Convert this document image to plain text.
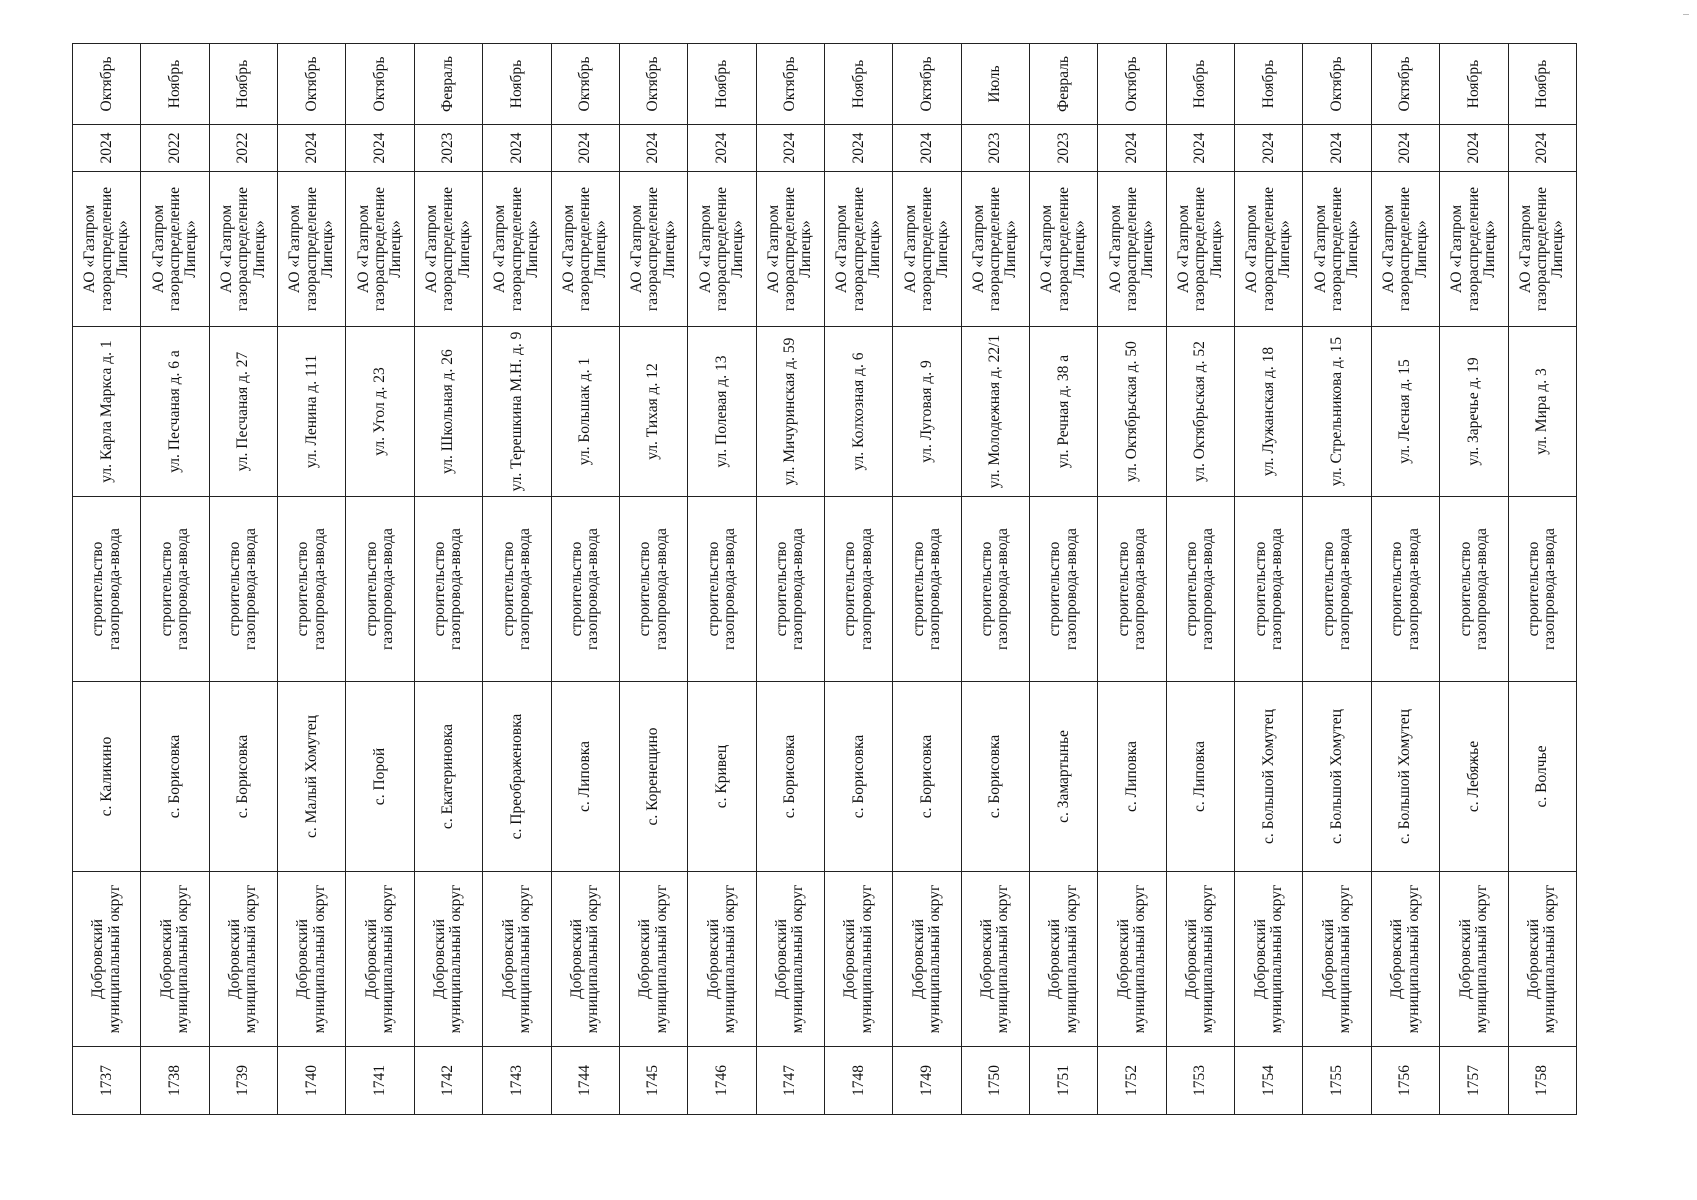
1737	Добровский муниципальный округ	с. Каликино	строительство газопровода-ввода	ул. Карла Маркса д. 1	АО «Газпром газораспределение Липецк»	2024	Октябрь
1738	Добровский муниципальный округ	с. Борисовка	строительство газопровода-ввода	ул. Песчаная д. 6 а	АО «Газпром газораспределение Липецк»	2022	Ноябрь
1739	Добровский муниципальный округ	с. Борисовка	строительство газопровода-ввода	ул. Песчаная д. 27	АО «Газпром газораспределение Липецк»	2022	Ноябрь
1740	Добровский муниципальный округ	с. Малый Хомутец	строительство газопровода-ввода	ул. Ленина д. 111	АО «Газпром газораспределение Липецк»	2024	Октябрь
1741	Добровский муниципальный округ	с. Порой	строительство газопровода-ввода	ул. Угол д. 23	АО «Газпром газораспределение Липецк»	2024	Октябрь
1742	Добровский муниципальный округ	с. Екатериновка	строительство газопровода-ввода	ул. Школьная д. 26	АО «Газпром газораспределение Липецк»	2023	Февраль
1743	Добровский муниципальный округ	с. Преображеновка	строительство газопровода-ввода	ул. Терешкина М.Н. д. 9	АО «Газпром газораспределение Липецк»	2024	Ноябрь
1744	Добровский муниципальный округ	с. Липовка	строительство газопровода-ввода	ул. Большак д. 1	АО «Газпром газораспределение Липецк»	2024	Октябрь
1745	Добровский муниципальный округ	с. Коренещино	строительство газопровода-ввода	ул. Тихая д. 12	АО «Газпром газораспределение Липецк»	2024	Октябрь
1746	Добровский муниципальный округ	с. Кривец	строительство газопровода-ввода	ул. Полевая д. 13	АО «Газпром газораспределение Липецк»	2024	Ноябрь
1747	Добровский муниципальный округ	с. Борисовка	строительство газопровода-ввода	ул. Мичуринская д. 59	АО «Газпром газораспределение Липецк»	2024	Октябрь
1748	Добровский муниципальный округ	с. Борисовка	строительство газопровода-ввода	ул. Колхозная д. 6	АО «Газпром газораспределение Липецк»	2024	Ноябрь
1749	Добровский муниципальный округ	с. Борисовка	строительство газопровода-ввода	ул. Луговая д. 9	АО «Газпром газораспределение Липецк»	2024	Октябрь
1750	Добровский муниципальный округ	с. Борисовка	строительство газопровода-ввода	ул. Молодежная д. 22/1	АО «Газпром газораспределение Липецк»	2023	Июль
1751	Добровский муниципальный округ	с. Замартынье	строительство газопровода-ввода	ул. Речная д. 38 а	АО «Газпром газораспределение Липецк»	2023	Февраль
1752	Добровский муниципальный округ	с. Липовка	строительство газопровода-ввода	ул. Октябрьская д. 50	АО «Газпром газораспределение Липецк»	2024	Октябрь
1753	Добровский муниципальный округ	с. Липовка	строительство газопровода-ввода	ул. Октябрьская д. 52	АО «Газпром газораспределение Липецк»	2024	Ноябрь
1754	Добровский муниципальный округ	с. Большой Хомутец	строительство газопровода-ввода	ул. Лужанская д. 18	АО «Газпром газораспределение Липецк»	2024	Ноябрь
1755	Добровский муниципальный округ	с. Большой Хомутец	строительство газопровода-ввода	ул. Стрельникова д. 15	АО «Газпром газораспределение Липецк»	2024	Октябрь
1756	Добровский муниципальный округ	с. Большой Хомутец	строительство газопровода-ввода	ул. Лесная д. 15	АО «Газпром газораспределение Липецк»	2024	Октябрь
1757	Добровский муниципальный округ	с. Лебяжье	строительство газопровода-ввода	ул. Заречье д. 19	АО «Газпром газораспределение Липецк»	2024	Ноябрь
1758	Добровский муниципальный округ	с. Волчье	строительство газопровода-ввода	ул. Мира д. 3	АО «Газпром газораспределение Липецк»	2024	Ноябрь
